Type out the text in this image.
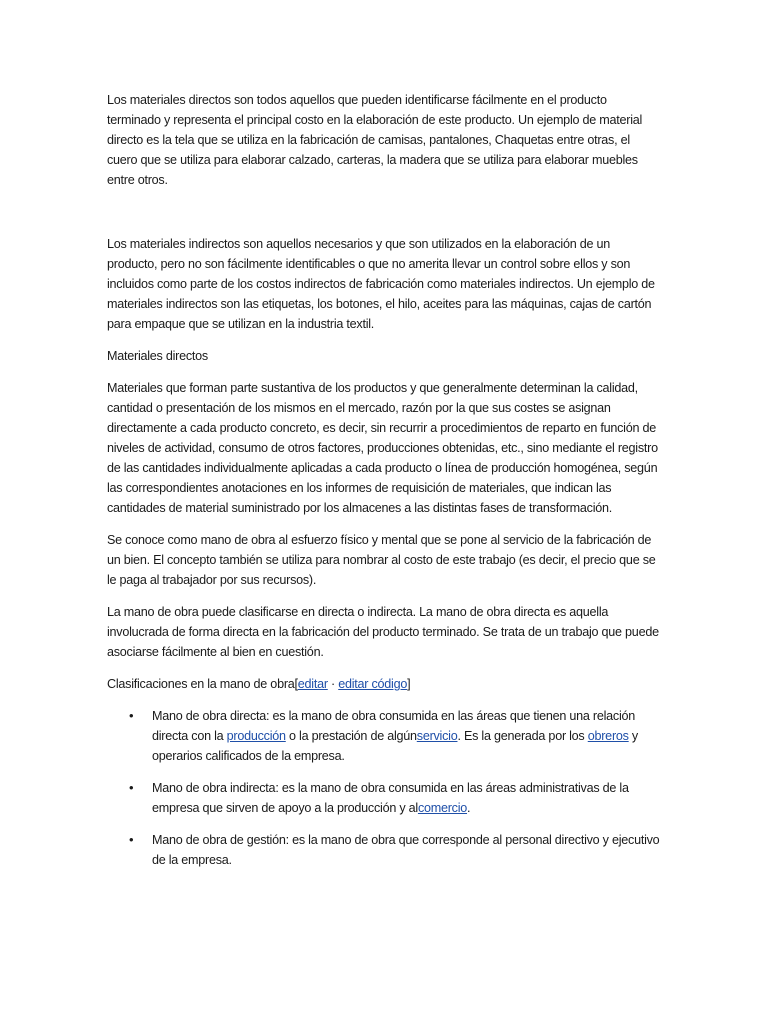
Los materiales directos son todos aquellos que pueden identificarse fácilmente en el producto terminado y representa el principal costo en la elaboración de este producto. Un ejemplo de material directo es la tela que se utiliza en la fabricación de camisas, pantalones, Chaquetas entre otras, el cuero que se utiliza para elaborar calzado, carteras, la madera que se utiliza para elaborar muebles entre otros.

Los materiales indirectos son aquellos necesarios y que son utilizados en la elaboración de un producto, pero no son fácilmente identificables o que no amerita llevar un control sobre ellos y son incluidos como parte de los costos indirectos de fabricación como materiales indirectos. Un ejemplo de materiales indirectos son las etiquetas, los botones, el hilo, aceites para las máquinas, cajas de cartón para empaque que se utilizan en la industria textil.

Materiales directos

Materiales que forman parte sustantiva de los productos y que generalmente determinan la calidad, cantidad o presentación de los mismos en el mercado, razón por la que sus costes se asignan directamente a cada producto concreto, es decir, sin recurrir a procedimientos de reparto en función de niveles de actividad, consumo de otros factores, producciones obtenidas, etc., sino mediante el registro de las cantidades individualmente aplicadas a cada producto o línea de producción homogénea, según las correspondientes anotaciones en los informes de requisición de materiales, que indican las cantidades de material suministrado por los almacenes a las distintas fases de transformación.

Se conoce como mano de obra al esfuerzo físico y mental que se pone al servicio de la fabricación de un bien. El concepto también se utiliza para nombrar al costo de este trabajo (es decir, el precio que se le paga al trabajador por sus recursos).

La mano de obra puede clasificarse en directa o indirecta. La mano de obra directa es aquella involucrada de forma directa en la fabricación del producto terminado. Se trata de un trabajo que puede asociarse fácilmente al bien en cuestión.

Clasificaciones en la mano de obra[editar · editar código]

• Mano de obra directa: es la mano de obra consumida en las áreas que tienen una relación directa con la producción o la prestación de algúnservicio. Es la generada por los obreros y operarios calificados de la empresa.
• Mano de obra indirecta: es la mano de obra consumida en las áreas administrativas de la empresa que sirven de apoyo a la producción y alcomercio.
• Mano de obra de gestión: es la mano de obra que corresponde al personal directivo y ejecutivo de la empresa.
